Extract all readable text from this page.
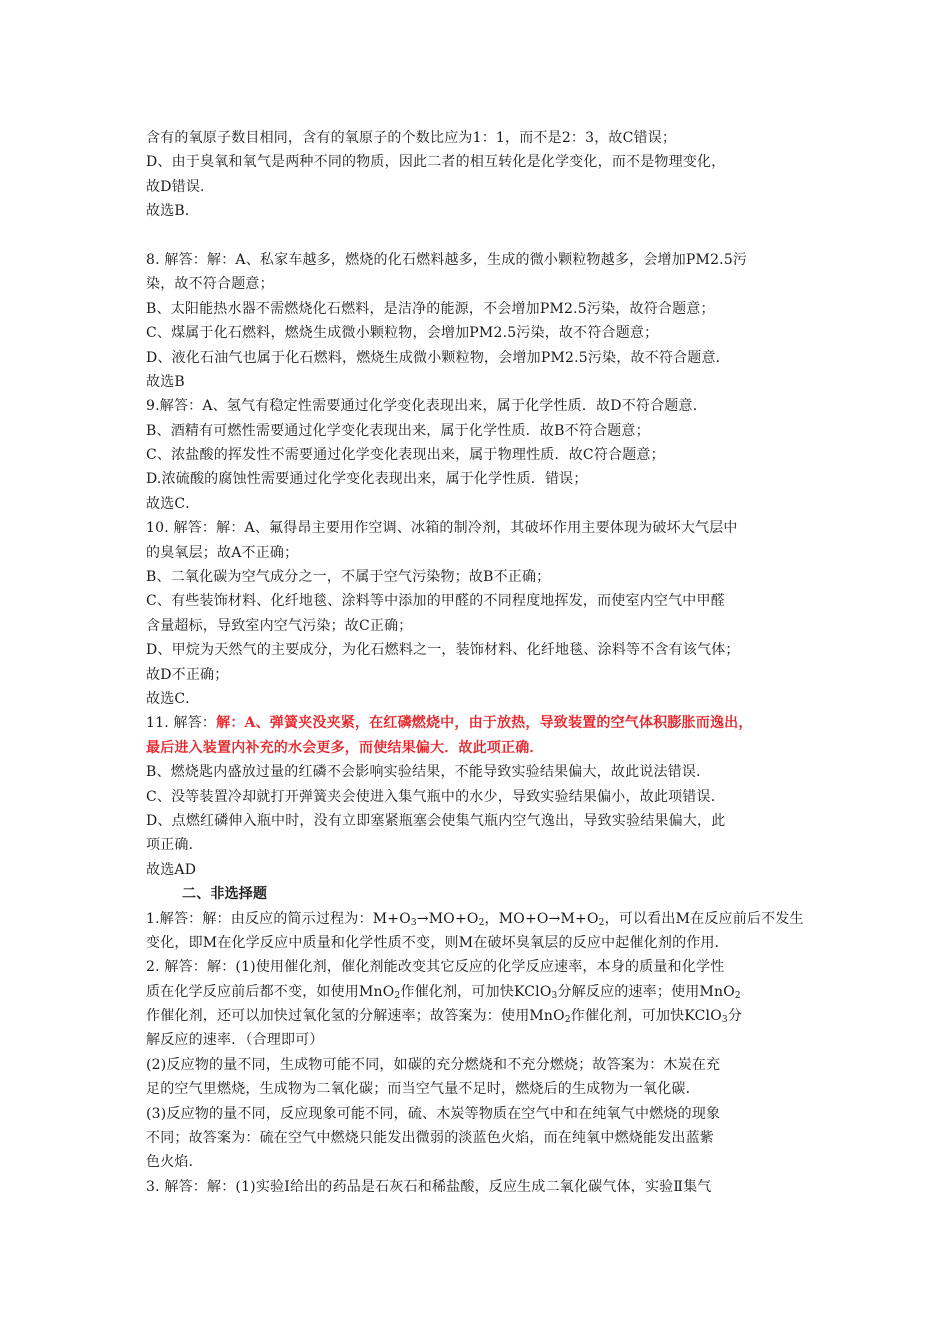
含有的氧原子数目相同，含有的氧原子的个数比应为1：1，而不是2：3，故C错误；
D、由于臭氧和氧气是两种不同的物质，因此二者的相互转化是化学变化，而不是物理变化，
故D错误．
故选B．
8. 解答：解：A、私家车越多，燃烧的化石燃料越多，生成的微小颗粒物越多，会增加PM2.5污
染，故不符合题意；
B、太阳能热水器不需燃烧化石燃料，是洁净的能源，不会增加PM2.5污染，故符合题意；
C、煤属于化石燃料，燃烧生成微小颗粒物，会增加PM2.5污染，故不符合题意；
D、液化石油气也属于化石燃料，燃烧生成微小颗粒物，会增加PM2.5污染，故不符合题意．
故选B
9.解答：A、氢气有稳定性需要通过化学变化表现出来，属于化学性质．故D不符合题意．
B、酒精有可燃性需要通过化学变化表现出来，属于化学性质．故B不符合题意；
C、浓盐酸的挥发性不需要通过化学变化表现出来，属于物理性质．故C符合题意；
D.浓硫酸的腐蚀性需要通过化学变化表现出来，属于化学性质．错误；
故选C．
10. 解答：解：A、氟得昂主要用作空调、冰箱的制冷剂，其破坏作用主要体现为破坏大气层中
的臭氧层；故A不正确；
B、二氧化碳为空气成分之一，不属于空气污染物；故B不正确；
C、有些装饰材料、化纤地毯、涂料等中添加的甲醛的不同程度地挥发，而使室内空气中甲醛
含量超标，导致室内空气污染；故C正确；
D、甲烷为天然气的主要成分，为化石燃料之一，装饰材料、化纤地毯、涂料等不含有该气体；
故D不正确；
故选C．
11. 解答：解：A、弹簧夹没夹紧，在红磷燃烧中，由于放热，导致装置的空气体积膨胀而逸出，
最后进入装置内补充的水会更多，而使结果偏大．故此项正确．
B、燃烧匙内盛放过量的红磷不会影响实验结果，不能导致实验结果偏大，故此说法错误．
C、没等装置冷却就打开弹簧夹会使进入集气瓶中的水少，导致实验结果偏小，故此项错误．
D、点燃红磷伸入瓶中时，没有立即塞紧瓶塞会使集气瓶内空气逸出，导致实验结果偏大，此
项正确．
故选AD
二、非选择题
1.解答：解：由反应的简示过程为：$M+O_3\to MO+O_2$，$MO+O\to M+O_2$，可以看出M在反应前后不发生
变化，即M在化学反应中质量和化学性质不变，则M在破坏臭氧层的反应中起催化剂的作用．
2. 解答：解：(1)使用催化剂，催化剂能改变其它反应的化学反应速率，本身的质量和化学性
质在化学反应前后都不变，如使用MnO$_2$作催化剂，可加快KClO$_3$分解反应的速率；使用MnO$_2$
作催化剂，还可以加快过氧化氢的分解速率；故答案为：使用MnO$_2$作催化剂，可加快KClO$_3$分
解反应的速率．（合理即可）
(2)反应物的量不同，生成物可能不同，如碳的充分燃烧和不充分燃烧；故答案为：木炭在充
足的空气里燃烧，生成物为二氧化碳；而当空气量不足时，燃烧后的生成物为一氧化碳．
(3)反应物的量不同，反应现象可能不同，硫、木炭等物质在空气中和在纯氧气中燃烧的现象
不同；故答案为：硫在空气中燃烧只能发出微弱的淡蓝色火焰，而在纯氧中燃烧能发出蓝紫
色火焰．
3. 解答：解：(1)实验Ⅰ给出的药品是石灰石和稀盐酸，反应生成二氧化碳气体，实验Ⅱ集气
